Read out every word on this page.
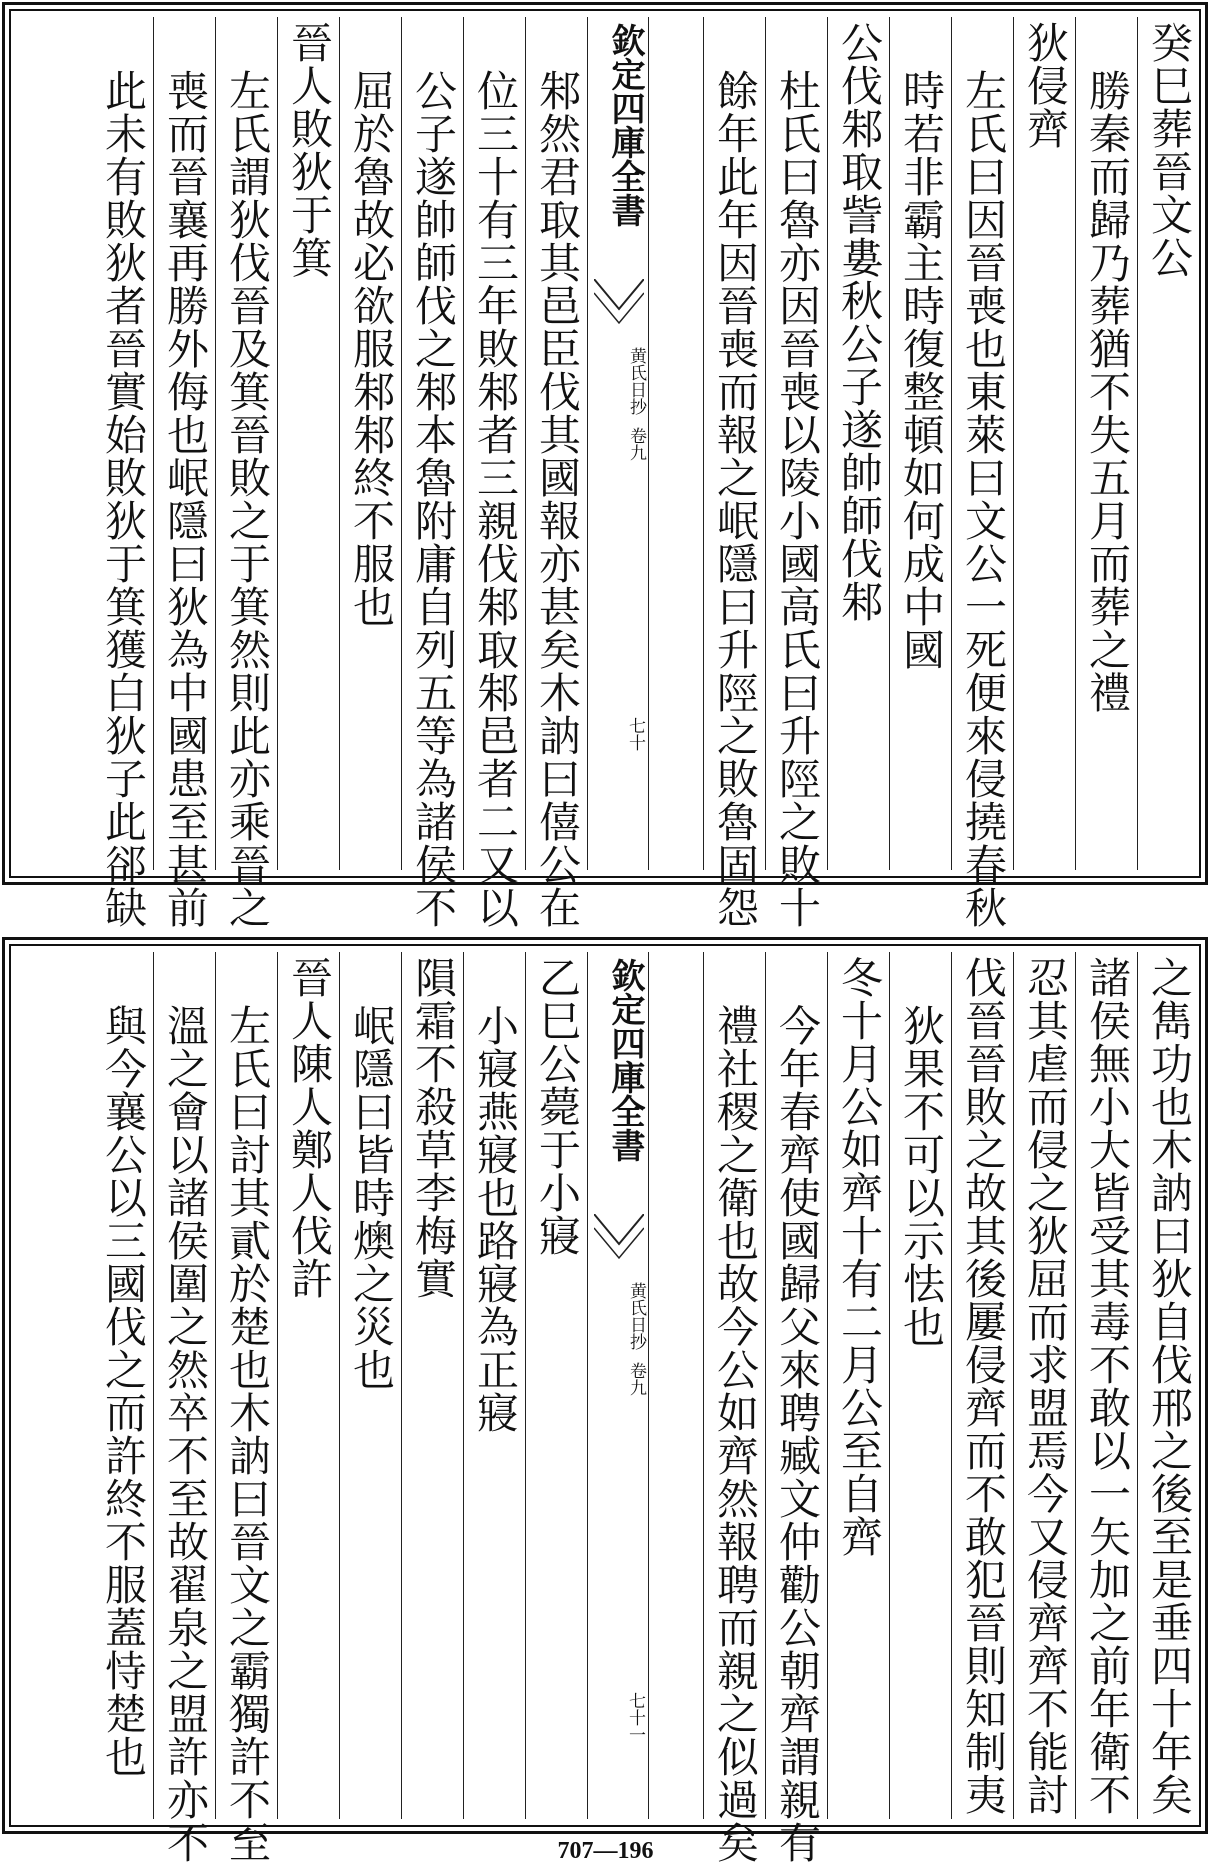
癸巳葬晉文公
勝秦而歸乃葬猶不失五月而葬之禮
狄侵齊
左氏曰因晉喪也東萊曰文公一死便來侵撓春秋
時若非霸主時復整頓如何成中國
公伐邾取訾婁秋公子遂帥師伐邾
杜氏曰魯亦因晉喪以陵小國高氏曰升陘之敗十
餘年此年因晉喪而報之岷隱曰升陘之敗魯固怨
欽定四庫全書
黄氏日抄
卷九
七十
邾然君取其邑臣伐其國報亦甚矣木訥曰僖公在
位三十有三年敗邾者三親伐邾取邾邑者二又以
公子遂帥師伐之邾本魯附庸自列五等為諸侯不
屈於魯故必欲服邾邾終不服也
晉人敗狄于箕
左氏謂狄伐晉及箕晉敗之于箕然則此亦乘晉之
喪而晉襄再勝外侮也岷隱曰狄為中國患至甚前
此未有敗狄者晉實始敗狄于箕獲白狄子此郤缺
之雋功也木訥曰狄自伐邢之後至是垂四十年矣
諸侯無小大皆受其毒不敢以一矢加之前年衛不
忍其虐而侵之狄屈而求盟焉今又侵齊齊不能討
伐晉晉敗之故其後屢侵齊而不敢犯晉則知制夷
狄果不可以示怯也
冬十月公如齊十有二月公至自齊
今年春齊使國歸父來聘臧文仲勸公朝齊謂親有
禮社稷之衛也故今公如齊然報聘而親之似過矣
欽定四庫全書
黄氏日抄
卷九
七十一
乙巳公薨于小寢
小寢燕寢也路寢為正寢
隕霜不殺草李梅實
岷隱曰皆時燠之災也
晉人陳人鄭人伐許
左氏曰討其貳於楚也木訥曰晉文之霸獨許不至
溫之會以諸侯圍之然卒不至故翟泉之盟許亦不
與今襄公以三國伐之而許終不服蓋恃楚也
707—196
